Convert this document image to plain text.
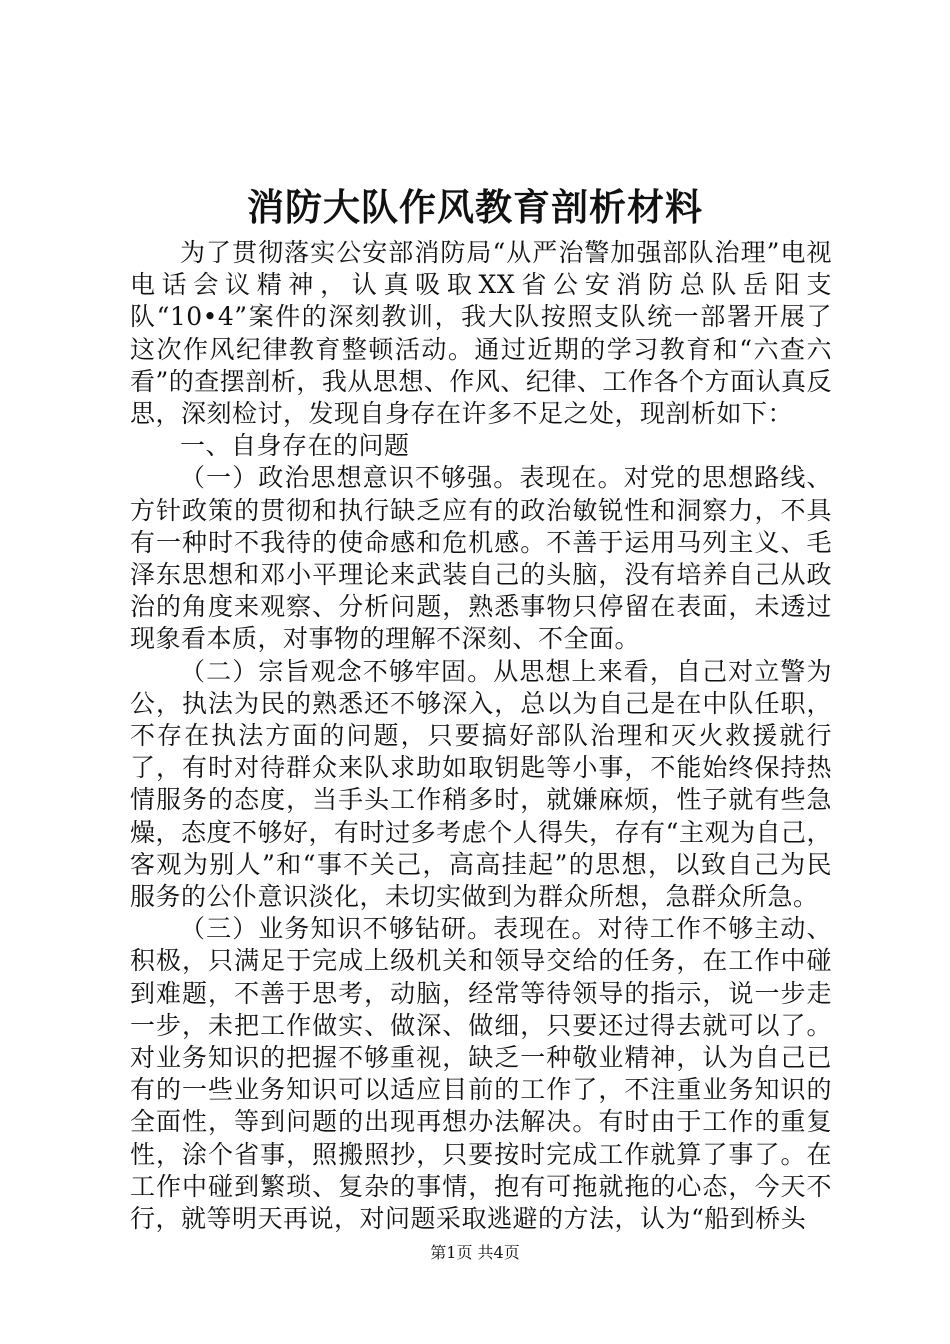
消防大队作风教育剖析材料

为了贯彻落实公安部消防局“从严治警加强部队治理”电视电话会议精神，认真吸取XX省公安消防总队岳阳支队“10•4”案件的深刻教训，我大队按照支队统一部署开展了这次作风纪律教育整顿活动。通过近期的学习教育和“六查六看”的查摆剖析，我从思想、作风、纪律、工作各个方面认真反思，深刻检讨，发现自身存在许多不足之处，现剖析如下：

一、自身存在的问题

（一）政治思想意识不够强。表现在。对党的思想路线、方针政策的贯彻和执行缺乏应有的政治敏锐性和洞察力，不具有一种时不我待的使命感和危机感。不善于运用马列主义、毛泽东思想和邓小平理论来武装自己的头脑，没有培养自己从政治的角度来观察、分析问题，熟悉事物只停留在表面，未透过现象看本质，对事物的理解不深刻、不全面。

（二）宗旨观念不够牢固。从思想上来看，自己对立警为公，执法为民的熟悉还不够深入，总以为自己是在中队任职，不存在执法方面的问题，只要搞好部队治理和灭火救援就行了，有时对待群众来队求助如取钥匙等小事，不能始终保持热情服务的态度，当手头工作稍多时，就嫌麻烦，性子就有些急燥，态度不够好，有时过多考虑个人得失，存有“主观为自己，客观为别人”和“事不关己，高高挂起”的思想，以致自己为民服务的公仆意识淡化，未切实做到为群众所想，急群众所急。

（三）业务知识不够钻研。表现在。对待工作不够主动、积极，只满足于完成上级机关和领导交给的任务，在工作中碰到难题，不善于思考，动脑，经常等待领导的指示，说一步走一步，未把工作做实、做深、做细，只要还过得去就可以了。对业务知识的把握不够重视，缺乏一种敬业精神，认为自己已有的一些业务知识可以适应目前的工作了，不注重业务知识的全面性，等到问题的出现再想办法解决。有时由于工作的重复性，涂个省事，照搬照抄，只要按时完成工作就算了事了。在工作中碰到繁琐、复杂的事情，抱有可拖就拖的心态，今天不行，就等明天再说，对问题采取逃避的方法，认为“船到桥头

第1页 共4页
